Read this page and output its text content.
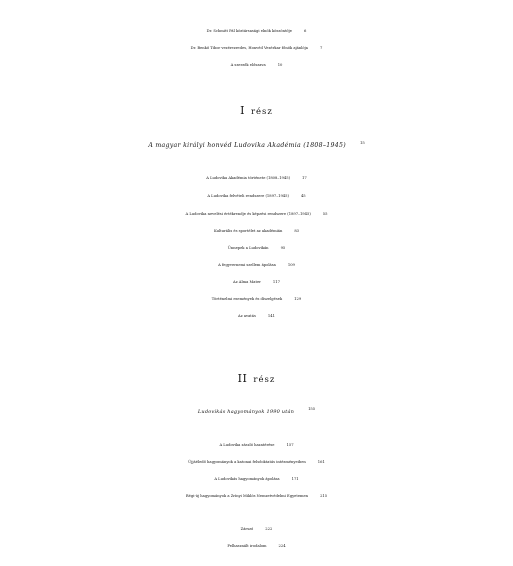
Dr. Schmitt Pál köztársasági elnök köszöntője	6
Dr. Benkő Tibor vezérezredes, Honvéd Vezérkar főnök ajánlója	7
A szerzők előszava	10
I rész
A magyar királyi honvéd Ludovika Akadémia (1808–1945)	15
A Ludovika Akadémia története (1808–1945)	17
A Ludovika felvételi rendszere (1897–1945)	45
A Ludovika nevelési értékrendje és képzési rendszere (1897–1945)	55
Kulturális és sportélet az akadémián	83
Ünnepek a Ludovikán	95
A fegyvernemi szellem ápolása	109
Az Alma Mater	117
Történelmi események és díszelgések	129
Az avatás	141
II rész
Ludovikás hagyományok 1990 után155
A Ludovika zászló hazatérése	157
Újjáéledő hagyományok a katonai felsőoktatás intézményeiben	161
A Ludovikás hagyományok ápolása	171
Régi-új hagyományok a Zrínyi Miklós Nemzetvédelmi Egyetemen	215
Zárszó	222
Felhasznált irodalom	224
